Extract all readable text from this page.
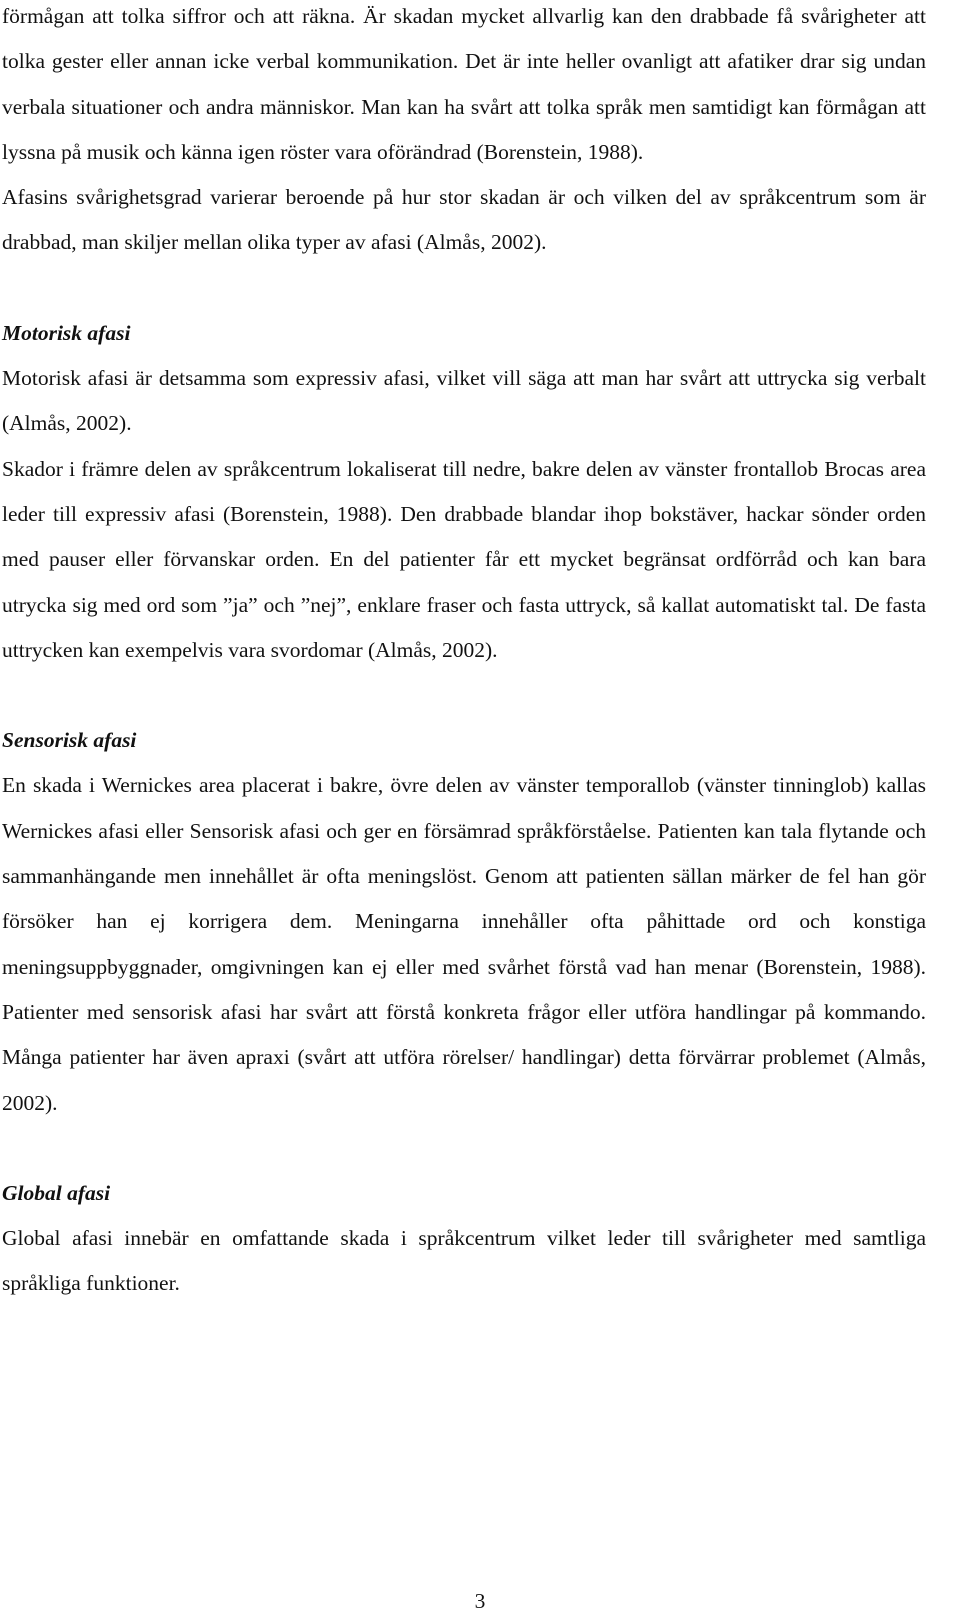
förmågan att tolka siffror och att räkna. Är skadan mycket allvarlig kan den drabbade få svårigheter att tolka gester eller annan icke verbal kommunikation. Det är inte heller ovanligt att afatiker drar sig undan verbala situationer och andra människor. Man kan ha svårt att tolka språk men samtidigt kan förmågan att lyssna på musik och känna igen röster vara oförändrad (Borenstein, 1988).

Afasins svårighetsgrad varierar beroende på hur stor skadan är och vilken del av språkcentrum som är drabbad, man skiljer mellan olika typer av afasi (Almås, 2002).

Motorisk afasi

Motorisk afasi är detsamma som expressiv afasi, vilket vill säga att man har svårt att uttrycka sig verbalt (Almås, 2002).

Skador i främre delen av språkcentrum lokaliserat till nedre, bakre delen av vänster frontallob Brocas area leder till expressiv afasi (Borenstein, 1988). Den drabbade blandar ihop bokstäver, hackar sönder orden med pauser eller förvanskar orden. En del patienter får ett mycket begränsat ordförråd och kan bara utrycka sig med ord som ”ja” och ”nej”, enklare fraser och fasta uttryck, så kallat automatiskt tal. De fasta uttrycken kan exempelvis vara svordomar (Almås, 2002).

Sensorisk afasi

En skada i Wernickes area placerat i bakre, övre delen av vänster temporallob (vänster tinninglob) kallas Wernickes afasi eller Sensorisk afasi och ger en försämrad språkförståelse. Patienten kan tala flytande och sammanhängande men innehållet är ofta meningslöst. Genom att patienten sällan märker de fel han gör försöker han ej korrigera dem. Meningarna innehåller ofta påhittade ord och konstiga meningsuppbyggnader, omgivningen kan ej eller med svårhet förstå vad han menar (Borenstein, 1988). Patienter med sensorisk afasi har svårt att förstå konkreta frågor eller utföra handlingar på kommando. Många patienter har även apraxi (svårt att utföra rörelser/ handlingar) detta förvärrar problemet (Almås, 2002).

Global afasi

Global afasi innebär en omfattande skada i språkcentrum vilket leder till svårigheter med samtliga språkliga funktioner.

3
